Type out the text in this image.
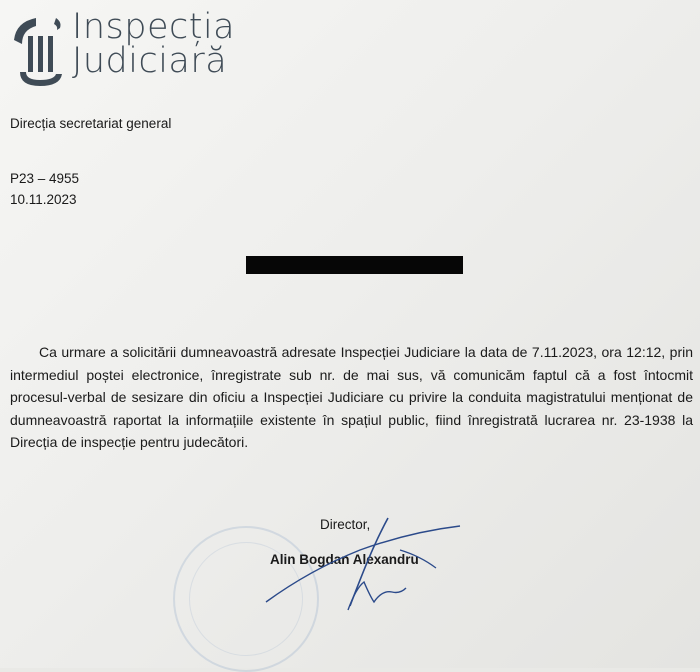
Inspecția
Judiciară
Direcția secretariat general
P23 – 4955
10.11.2023
Ca urmare a solicitării dumneavoastră adresate Inspecției Judiciare la data de 7.11.2023, ora 12:12, prin intermediul poștei electronice, înregistrate sub nr. de mai sus, vă comunicăm faptul că a fost întocmit procesul-verbal de sesizare din oficiu a Inspecției Judiciare cu privire la conduita magistratului menționat de dumneavoastră raportat la informațiile existente în spațiul public, fiind înregistrată lucrarea nr. 23-1938 la Direcția de inspecție pentru judecători.
Director,
Alin Bogdan Alexandru
